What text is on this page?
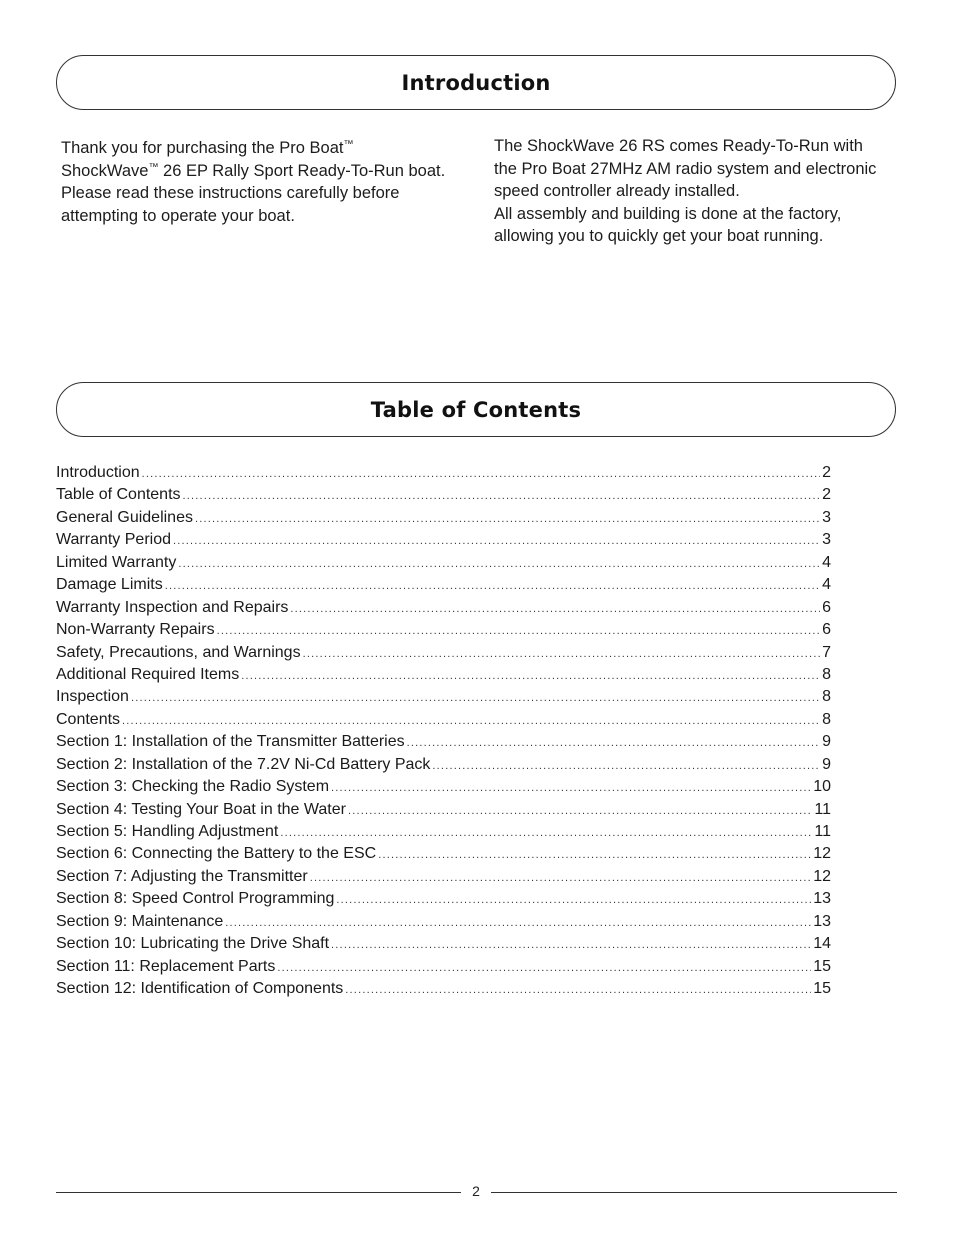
Introduction

Thank you for purchasing the Pro Boat™
ShockWave™ 26 EP Rally Sport Ready-To-Run boat. Please read these instructions carefully before attempting to operate your boat.

The ShockWave 26 RS comes Ready-To-Run with the Pro Boat 27MHz AM radio system and electronic speed controller already installed.

All assembly and building is done at the factory, allowing you to quickly get your boat running.

Table of Contents
Introduction .....	2
Table of Contents .....	2
General Guidelines .....	3
Warranty Period .....	3
Limited Warranty .....	4
Damage Limits .....	4
Warranty Inspection and Repairs .....	6
Non-Warranty Repairs .....	6
Safety, Precautions, and Warnings .....	7
Additional Required Items .....	8
Inspection .....	8
Contents .....	8
Section 1: Installation of the Transmitter Batteries .....	9
Section 2: Installation of the 7.2V Ni-Cd Battery Pack .....	9
Section 3: Checking the Radio System .....	10
Section 4: Testing Your Boat in the Water .....	11
Section 5: Handling Adjustment .....	11
Section 6: Connecting the Battery to the ESC .....	12
Section 7: Adjusting the Transmitter .....	12
Section 8: Speed Control Programming .....	13
Section 9: Maintenance .....	13
Section 10: Lubricating the Drive Shaft .....	14
Section 11: Replacement Parts .....	15
Section 12: Identification of Components .....	15
2
